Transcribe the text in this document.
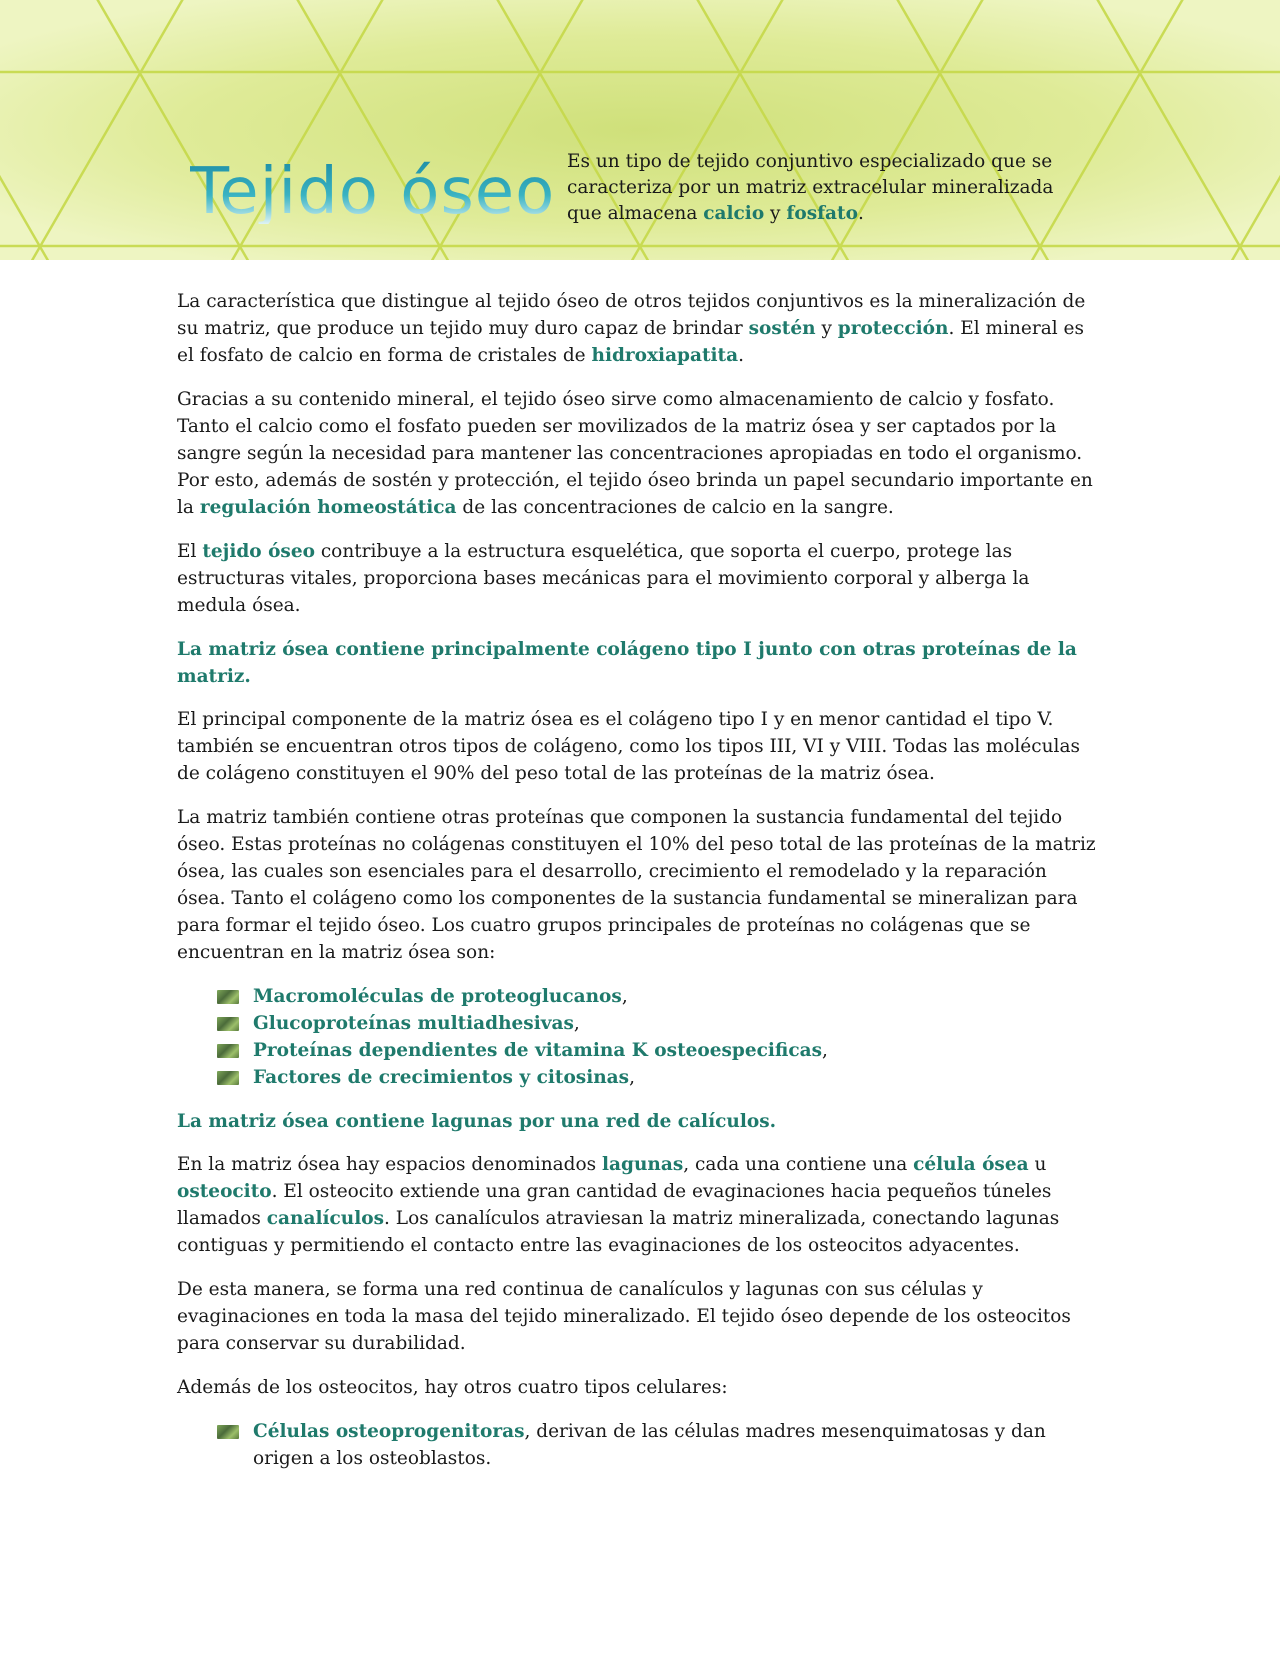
Tejido óseo Es un tipo de tejido conjuntivo especializado que se caracteriza por un matriz extracelular mineralizada que almacena calcio y fosfato.

La característica que distingue al tejido óseo de otros tejidos conjuntivos es la mineralización de su matriz, que produce un tejido muy duro capaz de brindar sostén y protección. El mineral es el fosfato de calcio en forma de cristales de hidroxiapatita.

Gracias a su contenido mineral, el tejido óseo sirve como almacenamiento de calcio y fosfato. Tanto el calcio como el fosfato pueden ser movilizados de la matriz ósea y ser captados por la sangre según la necesidad para mantener las concentraciones apropiadas en todo el organismo. Por esto, además de sostén y protección, el tejido óseo brinda un papel secundario importante en la regulación homeostática de las concentraciones de calcio en la sangre.

El tejido óseo contribuye a la estructura esquelética, que soporta el cuerpo, protege las estructuras vitales, proporciona bases mecánicas para el movimiento corporal y alberga la medula ósea.

La matriz ósea contiene principalmente colágeno tipo I junto con otras proteínas de la matriz.

El principal componente de la matriz ósea es el colágeno tipo I y en menor cantidad el tipo V. también se encuentran otros tipos de colágeno, como los tipos III, VI y VIII. Todas las moléculas de colágeno constituyen el 90% del peso total de las proteínas de la matriz ósea.

La matriz también contiene otras proteínas que componen la sustancia fundamental del tejido óseo. Estas proteínas no colágenas constituyen el 10% del peso total de las proteínas de la matriz ósea, las cuales son esenciales para el desarrollo, crecimiento el remodelado y la reparación ósea. Tanto el colágeno como los componentes de la sustancia fundamental se mineralizan para para formar el tejido óseo. Los cuatro grupos principales de proteínas no colágenas que se encuentran en la matriz ósea son:

Macromoléculas de proteoglucanos,
Glucoproteínas multiadhesivas,
Proteínas dependientes de vitamina K osteoespecificas,
Factores de crecimientos y citosinas,
La matriz ósea contiene lagunas por una red de calículos.

En la matriz ósea hay espacios denominados lagunas, cada una contiene una célula ósea u osteocito. El osteocito extiende una gran cantidad de evaginaciones hacia pequeños túneles llamados canalículos. Los canalículos atraviesan la matriz mineralizada, conectando lagunas contiguas y permitiendo el contacto entre las evaginaciones de los osteocitos adyacentes.

De esta manera, se forma una red continua de canalículos y lagunas con sus células y evaginaciones en toda la masa del tejido mineralizado. El tejido óseo depende de los osteocitos para conservar su durabilidad.

Además de los osteocitos, hay otros cuatro tipos celulares:

Células osteoprogenitoras, derivan de las células madres mesenquimatosas y dan origen a los osteoblastos.
